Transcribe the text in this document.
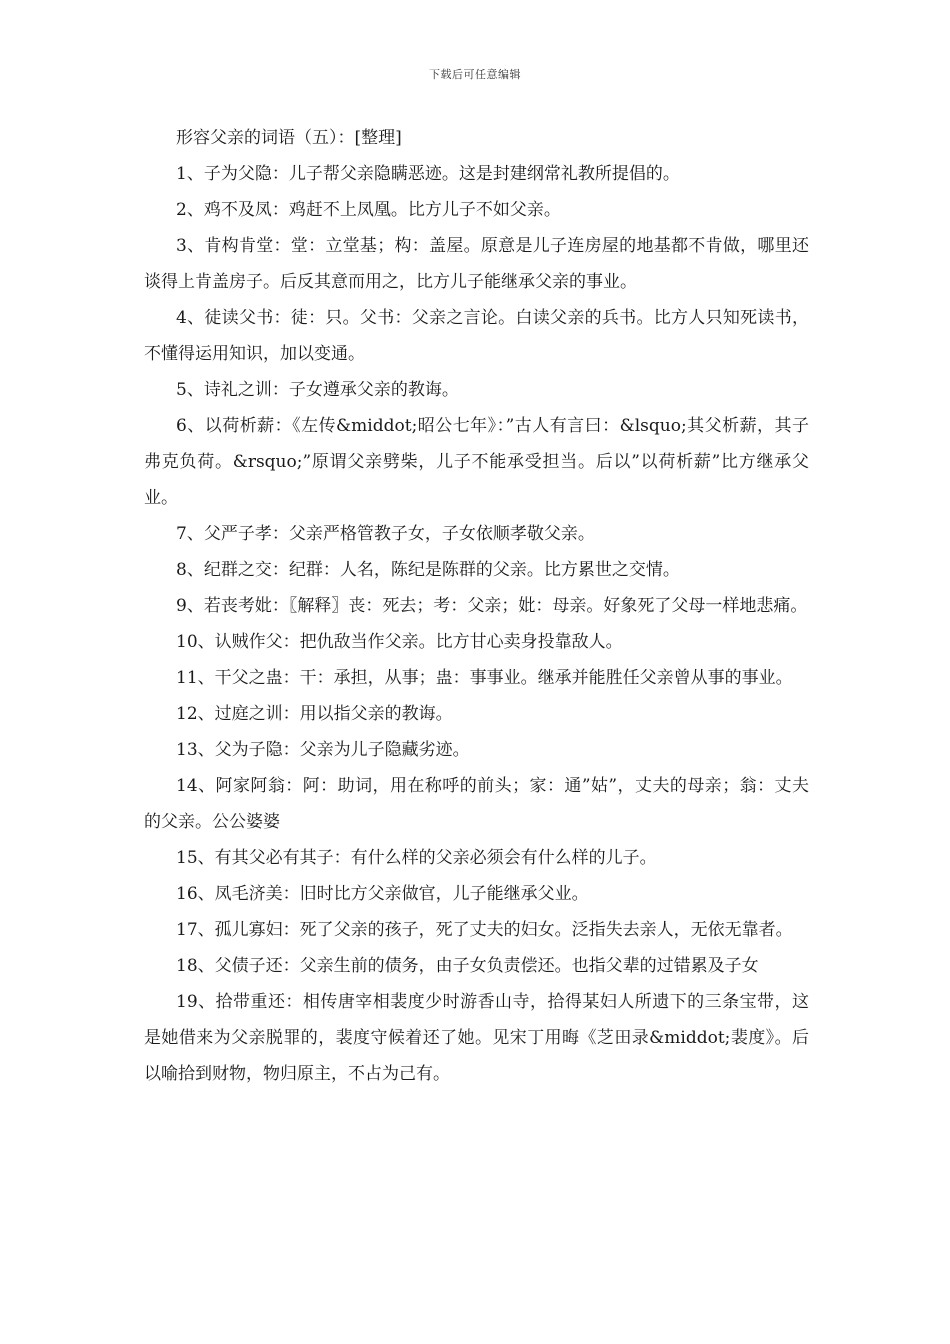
下载后可任意编辑

形容父亲的词语（五）：[整理]

1、子为父隐：儿子帮父亲隐瞒恶迹。这是封建纲常礼教所提倡的。

2、鸡不及凤：鸡赶不上凤凰。比方儿子不如父亲。

3、肯构肯堂：堂：立堂基；构：盖屋。原意是儿子连房屋的地基都不肯做，哪里还谈得上肯盖房子。后反其意而用之，比方儿子能继承父亲的事业。

4、徒读父书：徒：只。父书：父亲之言论。白读父亲的兵书。比方人只知死读书，不懂得运用知识，加以变通。

5、诗礼之训：子女遵承父亲的教诲。

6、以荷析薪：《左传&middot;昭公七年》：”古人有言曰：&lsquo;其父析薪，其子弗克负荷。&rsquo;”原谓父亲劈柴，儿子不能承受担当。后以”以荷析薪”比方继承父业。

7、父严子孝：父亲严格管教子女，子女依顺孝敬父亲。

8、纪群之交：纪群：人名，陈纪是陈群的父亲。比方累世之交情。

9、若丧考妣：〖解释〗丧：死去；考：父亲；妣：母亲。好象死了父母一样地悲痛。

10、认贼作父：把仇敌当作父亲。比方甘心卖身投靠敌人。

11、干父之蛊：干：承担，从事；蛊：事事业。继承并能胜任父亲曾从事的事业。

12、过庭之训：用以指父亲的教诲。

13、父为子隐：父亲为儿子隐藏劣迹。

14、阿家阿翁：阿：助词，用在称呼的前头；家：通”姑”，丈夫的母亲；翁：丈夫的父亲。公公婆婆

15、有其父必有其子：有什么样的父亲必须会有什么样的儿子。

16、凤毛济美：旧时比方父亲做官，儿子能继承父业。

17、孤儿寡妇：死了父亲的孩子，死了丈夫的妇女。泛指失去亲人，无依无靠者。

18、父债子还：父亲生前的债务，由子女负责偿还。也指父辈的过错累及子女

19、拾带重还：相传唐宰相裴度少时游香山寺，拾得某妇人所遗下的三条宝带，这是她借来为父亲脱罪的，裴度守候着还了她。见宋丁用晦《芝田录&middot;裴度》。后以喻拾到财物，物归原主，不占为己有。
